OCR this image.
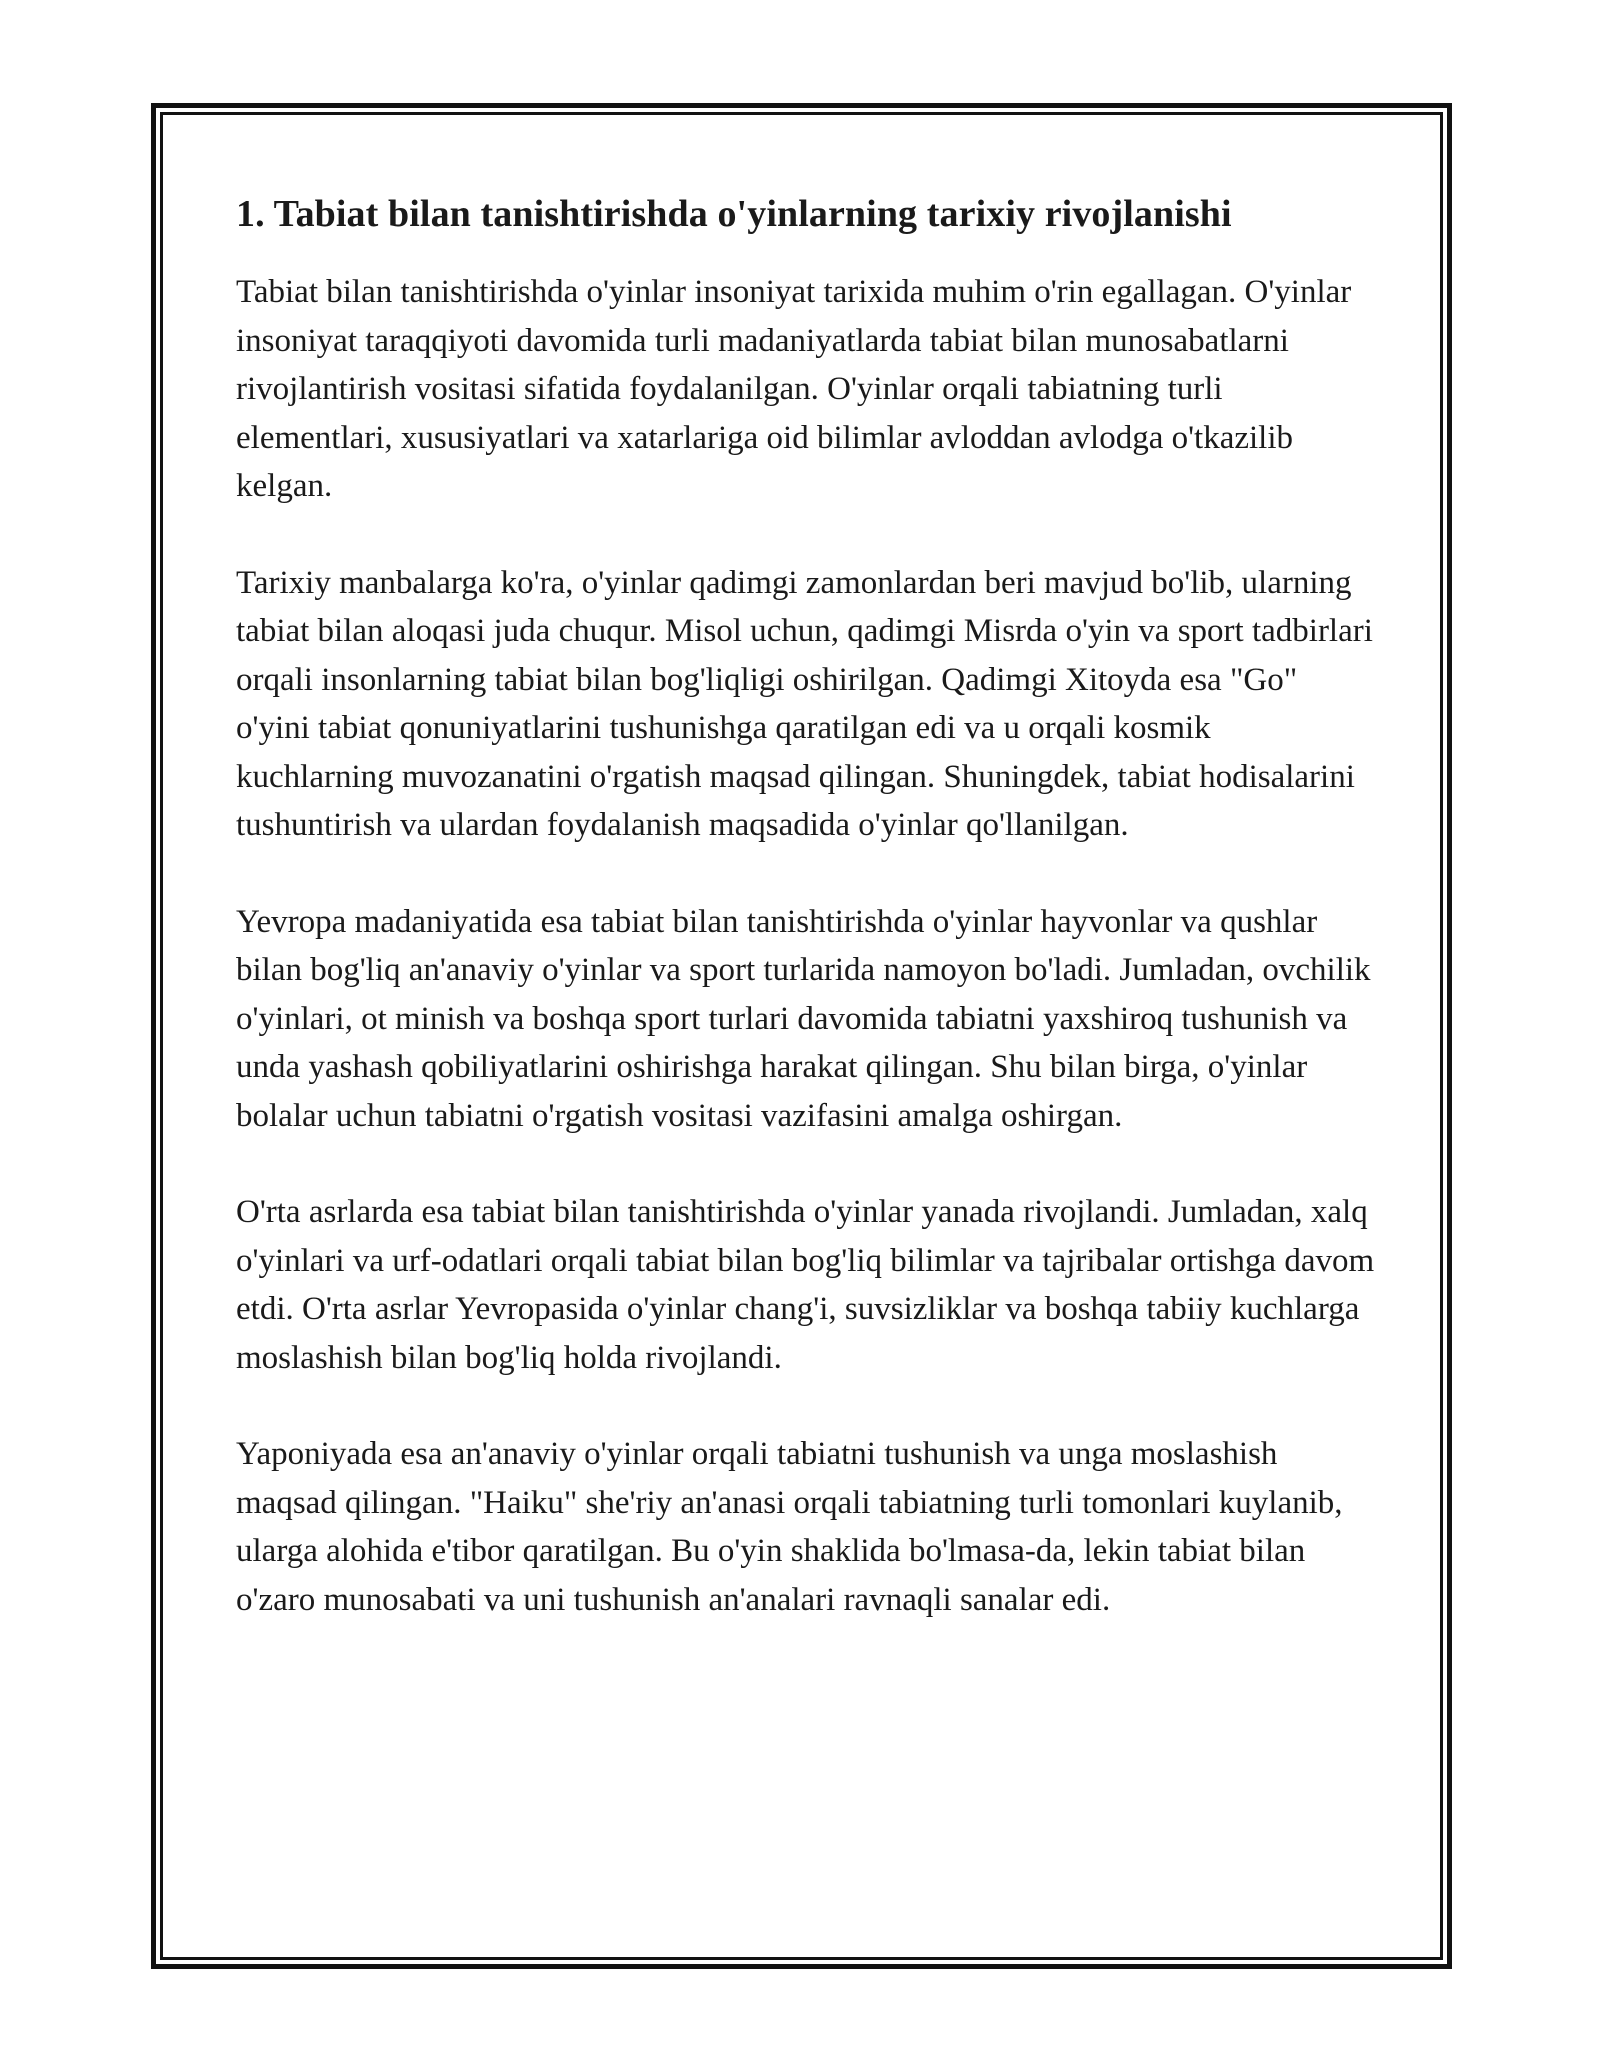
1. Tabiat bilan tanishtirishda o'yinlarning tarixiy rivojlanishi

Tabiat bilan tanishtirishda o'yinlar insoniyat tarixida muhim o'rin egallagan. O'yinlar insoniyat taraqqiyoti davomida turli madaniyatlarda tabiat bilan munosabatlarni rivojlantirish vositasi sifatida foydalanilgan. O'yinlar orqali tabiatning turli elementlari, xususiyatlari va xatarlariga oid bilimlar avloddan avlodga o'tkazilib kelgan.

Tarixiy manbalarga ko'ra, o'yinlar qadimgi zamonlardan beri mavjud bo'lib, ularning tabiat bilan aloqasi juda chuqur. Misol uchun, qadimgi Misrda o'yin va sport tadbirlari orqali insonlarning tabiat bilan bog'liqligi oshirilgan. Qadimgi Xitoyda esa "Go" o'yini tabiat qonuniyatlarini tushunishga qaratilgan edi va u orqali kosmik kuchlarning muvozanatini o'rgatish maqsad qilingan. Shuningdek, tabiat hodisalarini tushuntirish va ulardan foydalanish maqsadida o'yinlar qo'llanilgan.

Yevropa madaniyatida esa tabiat bilan tanishtirishda o'yinlar hayvonlar va qushlar bilan bog'liq an'anaviy o'yinlar va sport turlarida namoyon bo'ladi. Jumladan, ovchilik o'yinlari, ot minish va boshqa sport turlari davomida tabiatni yaxshiroq tushunish va unda yashash qobiliyatlarini oshirishga harakat qilingan. Shu bilan birga, o'yinlar bolalar uchun tabiatni o'rgatish vositasi vazifasini amalga oshirgan.

O'rta asrlarda esa tabiat bilan tanishtirishda o'yinlar yanada rivojlandi. Jumladan, xalq o'yinlari va urf-odatlari orqali tabiat bilan bog'liq bilimlar va tajribalar ortishga davom etdi. O'rta asrlar Yevropasida o'yinlar chang'i, suvsizliklar va boshqa tabiiy kuchlarga moslashish bilan bog'liq holda rivojlandi.

Yaponiyada esa an'anaviy o'yinlar orqali tabiatni tushunish va unga moslashish maqsad qilingan. "Haiku" she'riy an'anasi orqali tabiatning turli tomonlari kuylanib, ularga alohida e'tibor qaratilgan. Bu o'yin shaklida bo'lmasa-da, lekin tabiat bilan o'zaro munosabati va uni tushunish an'analari ravnaqli sanalar edi.
